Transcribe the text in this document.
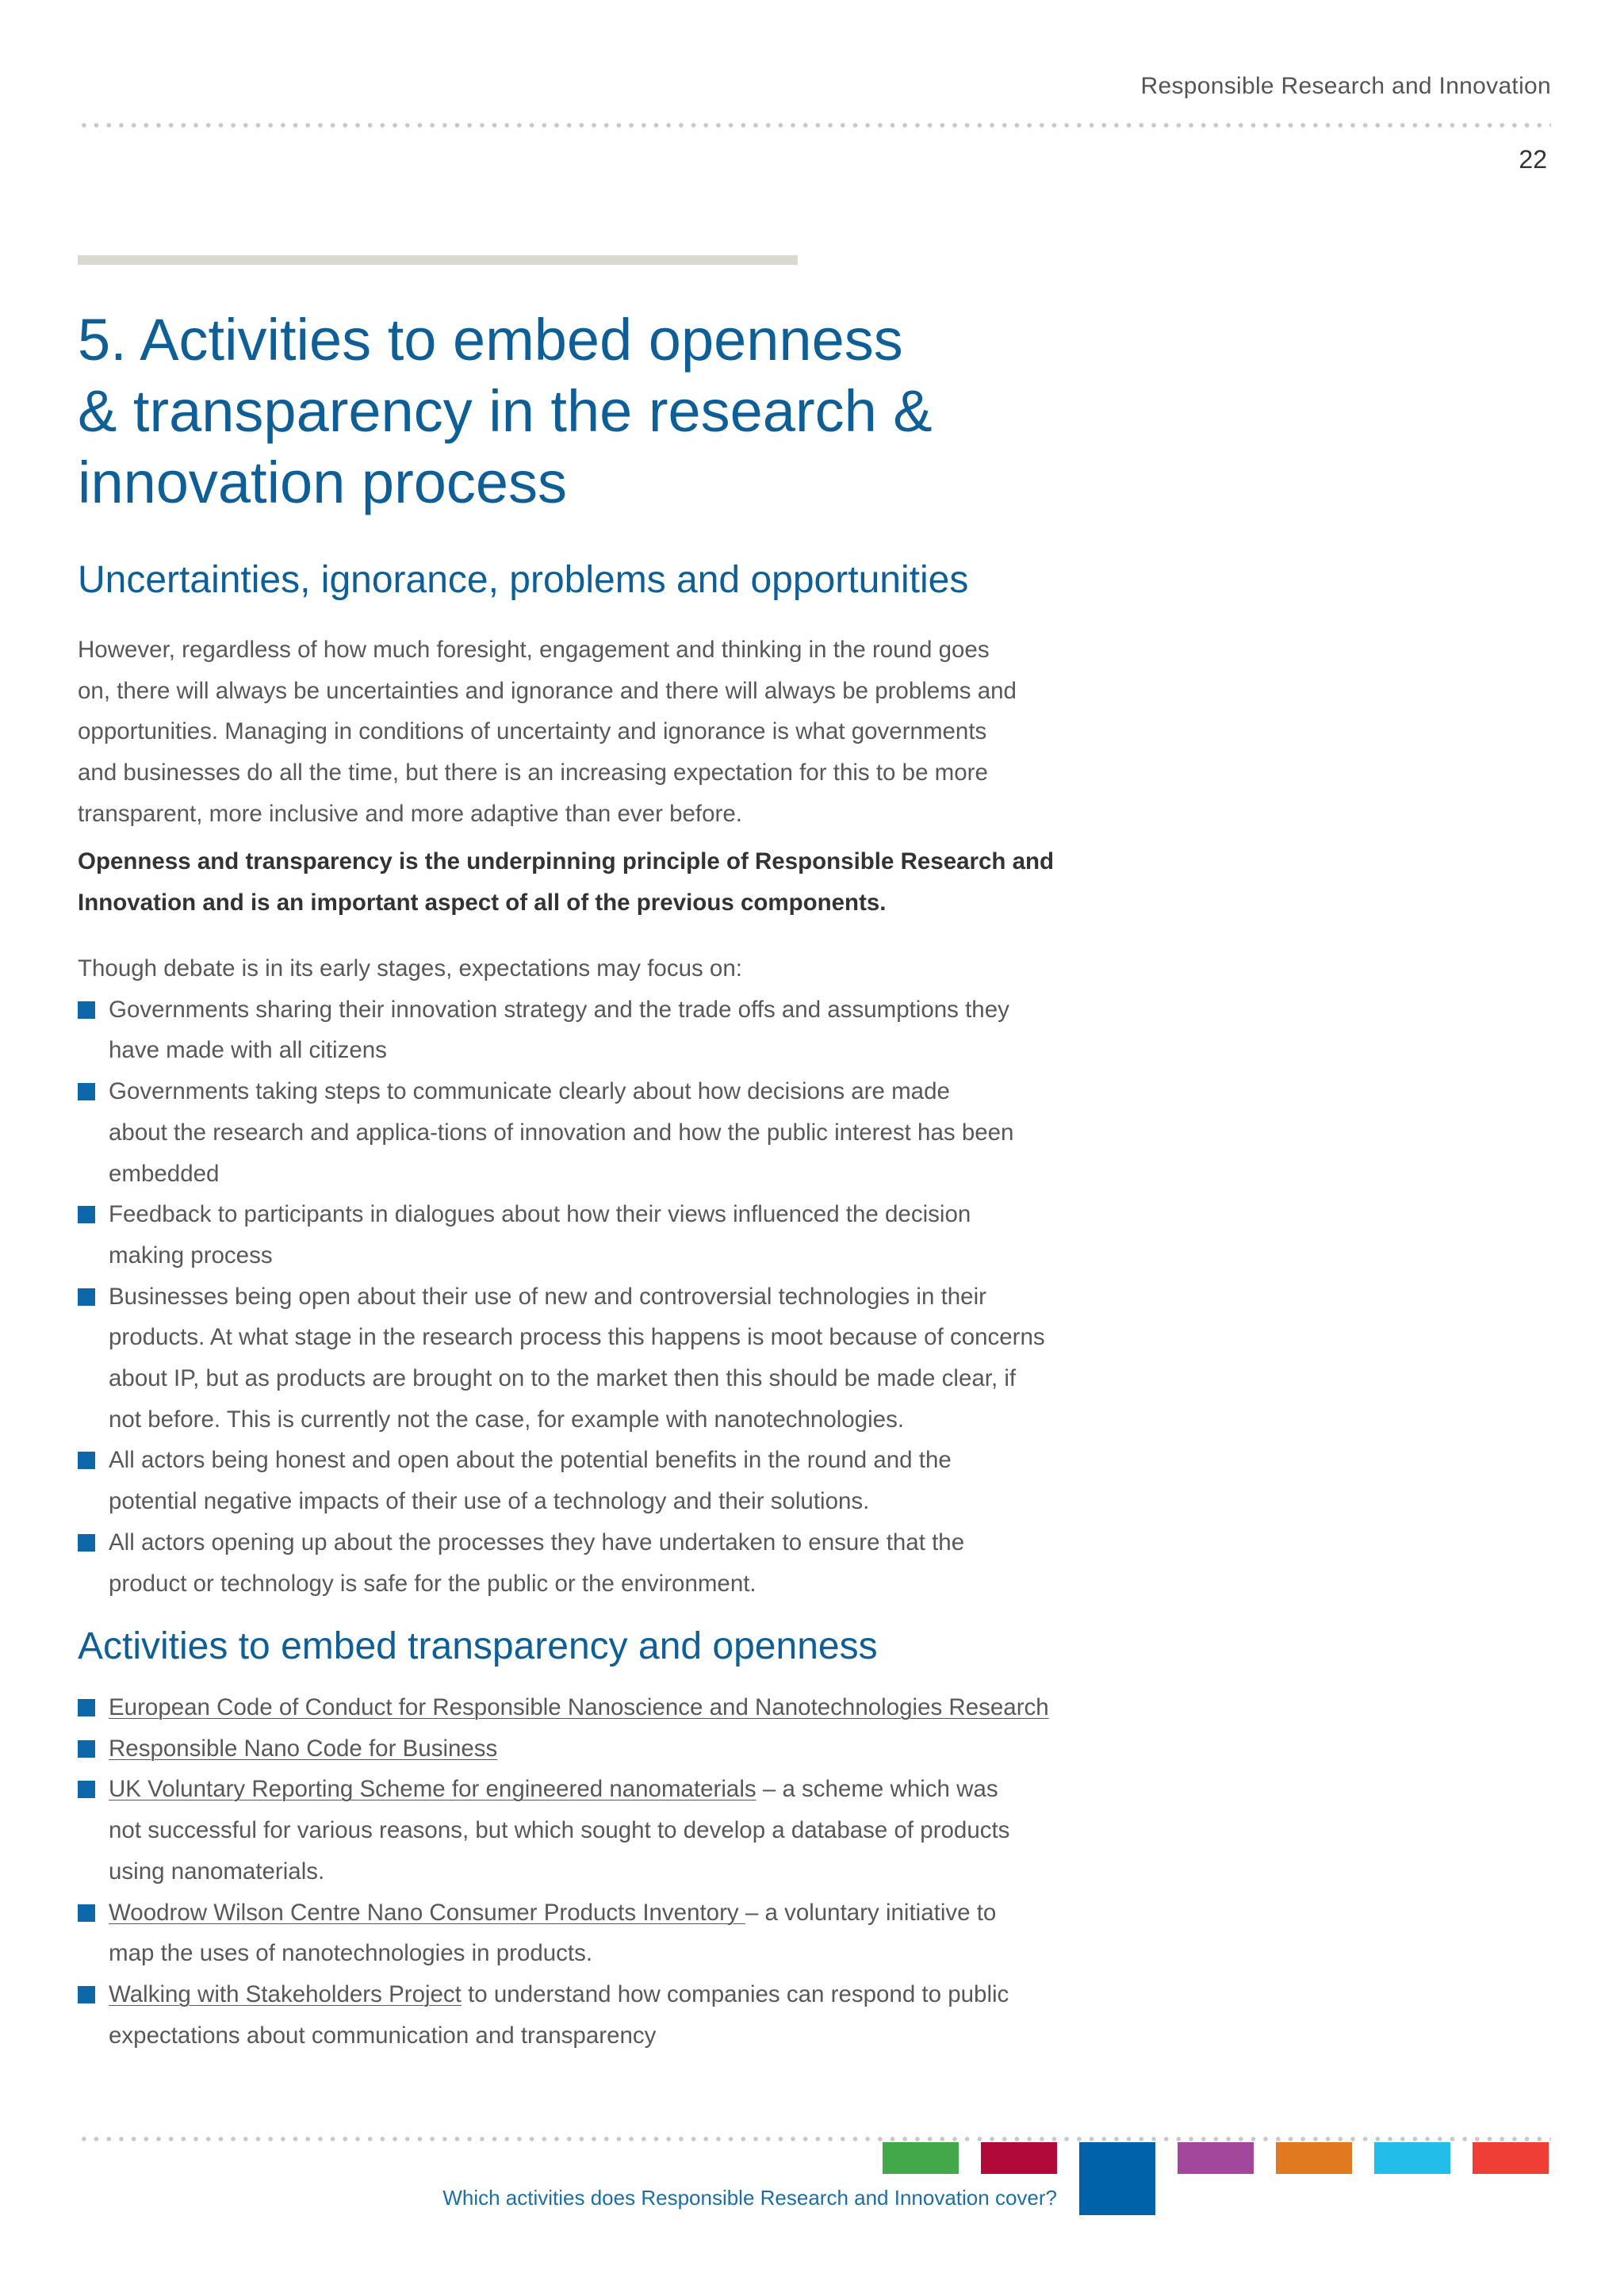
Responsible Research and Innovation
22
5. Activities to embed openness
& transparency in the research &
innovation process
Uncertainties, ignorance, problems and opportunities
However, regardless of how much foresight, engagement and thinking in the round goes
on, there will always be uncertainties and ignorance and there will always be problems and
opportunities. Managing in conditions of uncertainty and ignorance is what governments
and businesses do all the time, but there is an increasing expectation for this to be more
transparent, more inclusive and more adaptive than ever before.
Openness and transparency is the underpinning principle of Responsible Research and
Innovation and is an important aspect of all of the previous components.
Though debate is in its early stages, expectations may focus on:
Governments sharing their innovation strategy and the trade offs and assumptions they
have made with all citizens
Governments taking steps to communicate clearly about how decisions are made
about the research and applica-tions of innovation and how the public interest has been
embedded
Feedback to participants in dialogues about how their views influenced the decision
making process
Businesses being open about their use of new and controversial technologies in their
products. At what stage in the research process this happens is moot because of concerns
about IP, but as products are brought on to the market then this should be made clear, if
not before. This is currently not the case, for example with nanotechnologies.
All actors being honest and open about the potential benefits in the round and the
potential negative impacts of their use of a technology and their solutions.
All actors opening up about the processes they have undertaken to ensure that the
product or technology is safe for the public or the environment.
Activities to embed transparency and openness
European Code of Conduct for Responsible Nanoscience and Nanotechnologies Research
Responsible Nano Code for Business
UK Voluntary Reporting Scheme for engineered nanomaterials – a scheme which was
not successful for various reasons, but which sought to develop a database of products
using nanomaterials.
Woodrow Wilson Centre Nano Consumer Products Inventory – a voluntary initiative to
map the uses of nanotechnologies in products.
Walking with Stakeholders Project to understand how companies can respond to public
expectations about communication and transparency
Which activities does Responsible Research and Innovation cover?
